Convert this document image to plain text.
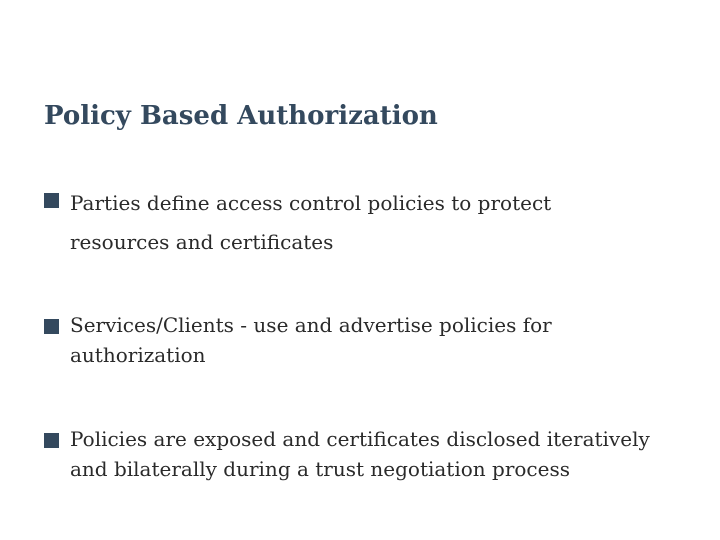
Policy Based Authorization
Parties define access control policies to protect
resources and certificates
Services/Clients - use and advertise policies for
authorization
Policies are exposed and certificates disclosed iteratively
and bilaterally during a trust negotiation process
